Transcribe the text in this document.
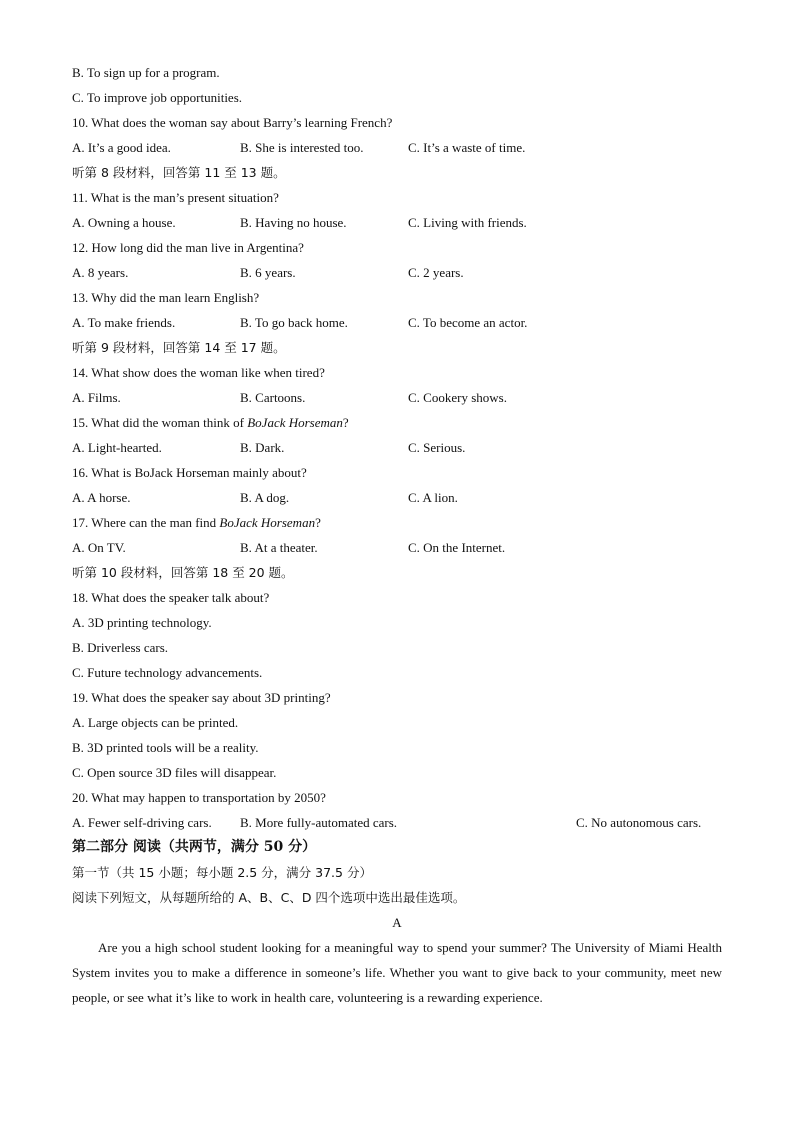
B. To sign up for a program.
C. To improve job opportunities.
10. What does the woman say about Barry’s learning French?
A. It’s a good idea.	B. She is interested too.	C. It’s a waste of time.
听第 8 段材料，回答第 11 至 13 题。
11. What is the man’s present situation?
A. Owning a house.	B. Having no house.	C. Living with friends.
12. How long did the man live in Argentina?
A. 8 years.	B. 6 years.	C. 2 years.
13. Why did the man learn English?
A. To make friends.	B. To go back home.	C. To become an actor.
听第 9 段材料，回答第 14 至 17 题。
14. What show does the woman like when tired?
A. Films.	B. Cartoons.	C. Cookery shows.
15. What did the woman think of BoJack Horseman?
A. Light-hearted.	B. Dark.	C. Serious.
16. What is BoJack Horseman mainly about?
A. A horse.	B. A dog.	C. A lion.
17. Where can the man find BoJack Horseman?
A. On TV.	B. At a theater.	C. On the Internet.
听第 10 段材料，回答第 18 至 20 题。
18. What does the speaker talk about?
A. 3D printing technology.
B. Driverless cars.
C. Future technology advancements.
19. What does the speaker say about 3D printing?
A. Large objects can be printed.
B. 3D printed tools will be a reality.
C. Open source 3D files will disappear.
20. What may happen to transportation by 2050?
A. Fewer self-driving cars. B. More fully-automated cars.	C. No autonomous cars.
第二部分 阅读（共两节，满分 50 分）
第一节（共 15 小题；每小题 2.5 分，满分 37.5 分）
阅读下列短文，从每题所给的 A、B、C、D 四个选项中选出最佳选项。
A

Are you a high school student looking for a meaningful way to spend your summer? The University of Miami Health System invites you to make a difference in someone’s life. Whether you want to give back to your community, meet new people, or see what it’s like to work in health care, volunteering is a rewarding experience.
